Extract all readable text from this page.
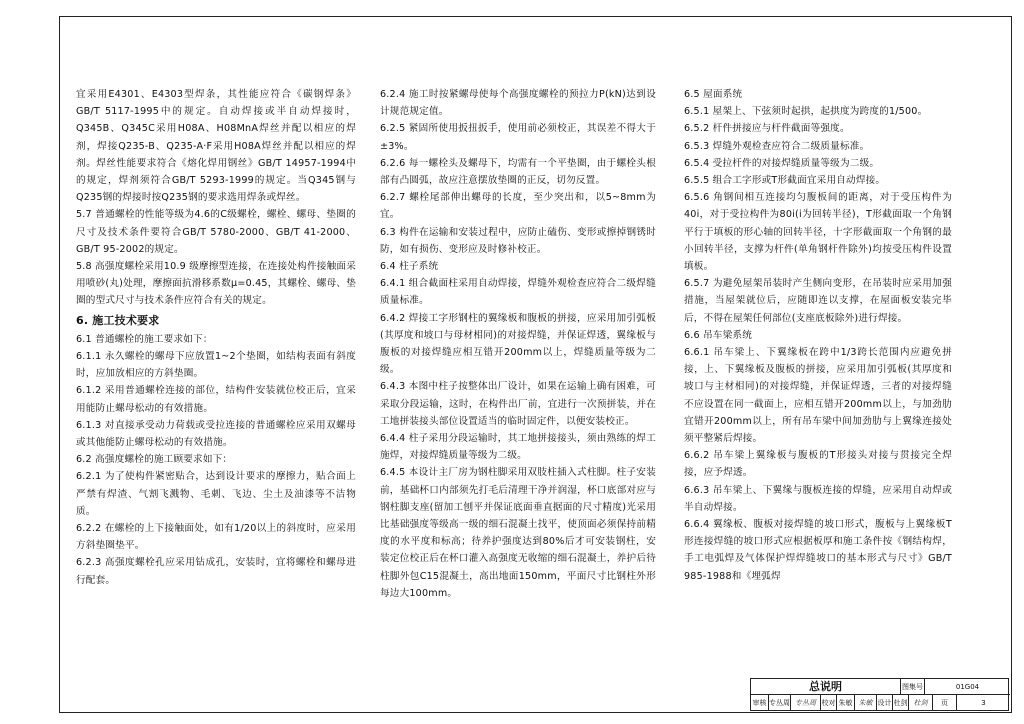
宜采用E4301、E4303型焊条，其性能应符合《碳钢焊条》GB/T 5117-1995中的规定。自动焊接或半自动焊接时，Q345B、Q345C采用H08A、H08MnA焊丝并配以相应的焊剂，焊接Q235-B、Q235-A·F采用H08A焊丝并配以相应的焊剂。焊丝性能要求符合《熔化焊用钢丝》GB/T 14957-1994中的规定，焊剂须符合GB/T 5293-1999的规定。当Q345钢与Q235钢的焊接时按Q235钢的要求选用焊条或焊丝。

5.7 普通螺栓的性能等级为4.6的C级螺栓，螺栓、螺母、垫圈的尺寸及技术条件要符合GB/T 5780-2000、GB/T 41-2000、GB/T 95-2002的规定。

5.8 高强度螺栓采用10.9 级摩擦型连接，在连接处构件接触面采用喷砂(丸)处理，摩擦面抗滑移系数μ=0.45，其螺栓、螺母、垫圈的型式尺寸与技术条件应符合有关的规定。

6. 施工技术要求

6.1 普通螺栓的施工要求如下：

6.1.1 永久螺栓的螺母下应放置1~2个垫圈，如结构表面有斜度时，应加放相应的方斜垫圈。

6.1.2 采用普通螺栓连接的部位，结构件安装就位校正后，宜采用能防止螺母松动的有效措施。

6.1.3 对直接承受动力荷载或受拉连接的普通螺栓应采用双螺母或其他能防止螺母松动的有效措施。

6.2 高强度螺栓的施工顾要求如下：

6.2.1 为了使构件紧密贴合，达到设计要求的摩擦力，贴合面上严禁有焊渣、气割飞溅物、毛刺、飞边、尘土及油漆等不洁物质。

6.2.2 在螺栓的上下接触面处，如有1/20以上的斜度时，应采用方斜垫圈垫平。

6.2.3 高强度螺栓孔应采用钻成孔，安装时，宜将螺栓和螺母进行配套。

6.2.4 施工时按紧螺母使每个高强度螺栓的预拉力P(kN)达到设计规范规定值。

6.2.5 紧固所使用扳扭扳手，使用前必须校正，其误差不得大于±3%。

6.2.6 每一螺栓头及螺母下，均需有一个平垫圈，由于螺栓头根部有凸圆弧，故应注意摆放垫圈的正反，切勿反置。

6.2.7 螺栓尾部伸出螺母的长度，至少突出和，以5~8mm为宜。

6.3 构件在运输和安装过程中，应防止磕伤、变形或擦掉钢锈时防，如有损伤、变形应及时修补校正。

6.4 柱子系统

6.4.1 组合截面柱采用自动焊接，焊缝外观检查应符合二级焊缝质量标准。

6.4.2 焊接工字形钢柱的翼缘板和腹板的拼接，应采用加引弧板(其厚度和坡口与母材相同)的对接焊缝，并保证焊透，翼缘板与腹板的对接焊缝应相互错开200mm以上，焊缝质量等级为二级。

6.4.3 本图中柱子按整体出厂设计，如果在运输上确有困难，可采取分段运输，这时，在构件出厂前，宜进行一次预拼装，并在工地拼装接头部位设置适当的临时固定件，以便安装校正。

6.4.4 柱子采用分段运输时，其工地拼接接头，须由熟练的焊工施焊，对接焊缝质量等级为二级。

6.4.5 本设计主厂房为钢柱脚采用双肢柱插入式柱脚。柱子安装前，基础杯口内部须先打毛后清理干净并润湿，杯口底部对应与钢柱脚支座(留加工刨平并保证底面垂直据面的尺寸精度)光采用比基础强度等级高一级的细石混凝土找平，使顶面必须保持前精度的水平度和标高；待养护强度达到80%后才可安装钢柱，安装定位校正后在杯口灌入高强度无收缩的细石混凝土，养护后待柱脚外包C15混凝土，高出地面150mm，平面尺寸比钢柱外形每边大100mm。

6.5 屋面系统

6.5.1 屋架上、下弦须时起拱，起拱度为跨度的1/500。

6.5.2 杆件拼接应与杆件截面等强度。

6.5.3 焊缝外观检查应符合二级质量标准。

6.5.4 受拉杆件的对接焊缝质量等级为二级。

6.5.5 组合工字形或T形截面宜采用自动焊接。

6.5.6 角钢间相互连接均匀腹板间的距离，对于受压构件为40i，对于受拉构件为80i(i为回转半径)，T形截面取一个角钢平行于填板的形心轴的回转半径，十字形截面取一个角钢的最小回转半径，支撑为杆件(单角钢杆件除外)均按受压构件设置填板。

6.5.7 为避免屋架吊装时产生侧向变形，在吊装时应采用加强措施，当屋架就位后，应随即连以支撑，在屋面板安装完毕后，不得在屋架任何部位(支座底板除外)进行焊接。

6.6 吊车梁系统

6.6.1 吊车梁上、下翼缘板在跨中1/3跨长范围内应避免拼接，上、下翼缘板及腹板的拼接，应采用加引弧板(其厚度和坡口与主材相同)的对接焊缝，并保证焊透，三者的对接焊缝不应设置在同一截面上，应相互错开200mm以上，与加劲肋宜错开200mm以上，所有吊车梁中间加劲肋与上翼缘连接处须平整紧后焊接。

6.6.2 吊车梁上翼缘板与腹板的T形接头对接与贯接完全焊接，应予焊透。

6.6.3 吊车梁上、下翼缘与腹板连接的焊缝，应采用自动焊或半自动焊接。

6.6.4 翼缘板、腹板对接焊缝的坡口形式，腹板与上翼缘板T形连接焊缝的坡口形式应根据板厚和施工条件按《钢结构焊，手工电弧焊及气体保护焊焊缝坡口的基本形式与尺寸》GB/T 985-1988和《埋弧焊

总说明	图集号	01G04
审核 专丛周 专丛周 校对 朱敏 朱敏 设计 杜剑 杜剑	页	3
